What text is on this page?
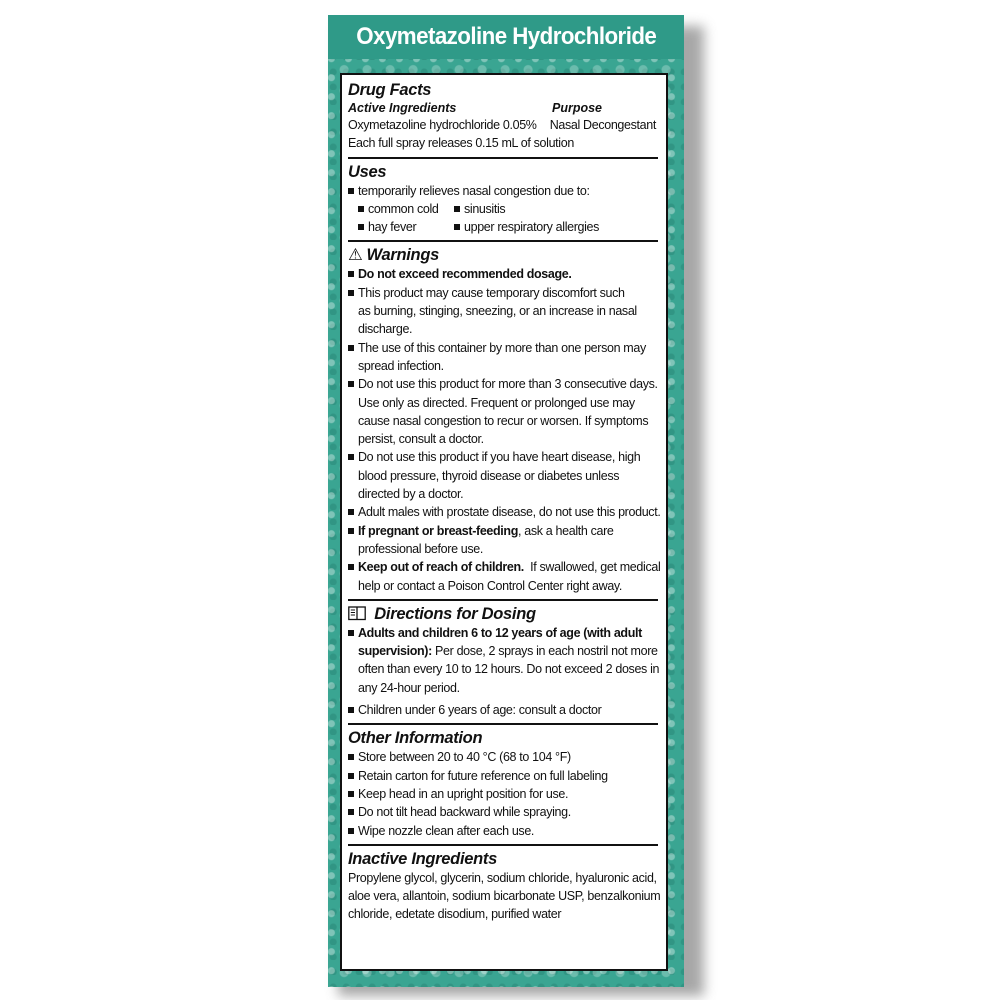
Oxymetazoline Hydrochloride
Drug Facts
Active Ingredients	Purpose
Oxymetazoline hydrochloride 0.05% Nasal Decongestant
Each full spray releases 0.15 mL of solution
Uses
temporarily relieves nasal congestion due to:
common cold	sinusitis
hay fever	upper respiratory allergies
⚠ Warnings
Do not exceed recommended dosage.
This product may cause temporary discomfort such
as burning, stinging, sneezing, or an increase in nasal
discharge.
The use of this container by more than one person may
spread infection.
Do not use this product for more than 3 consecutive days.
Use only as directed. Frequent or prolonged use may
cause nasal congestion to recur or worsen. If symptoms
persist, consult a doctor.
Do not use this product if you have heart disease, high
blood pressure, thyroid disease or diabetes unless
directed by a doctor.
Adult males with prostate disease, do not use this product.
If pregnant or breast-feeding, ask a health care
professional before use.
Keep out of reach of children.  If swallowed, get medical
help or contact a Poison Control Center right away.
Directions for Dosing
Adults and children 6 to 12 years of age (with adult
supervision): Per dose, 2 sprays in each nostril not more
often than every 10 to 12 hours. Do not exceed 2 doses in
any 24-hour period.
Children under 6 years of age: consult a doctor
Other Information
Store between 20 to 40 °C (68 to 104 °F)
Retain carton for future reference on full labeling
Keep head in an upright position for use.
Do not tilt head backward while spraying.
Wipe nozzle clean after each use.
Inactive Ingredients
Propylene glycol, glycerin, sodium chloride, hyaluronic acid,
aloe vera, allantoin, sodium bicarbonate USP, benzalkonium
chloride, edetate disodium, purified water
